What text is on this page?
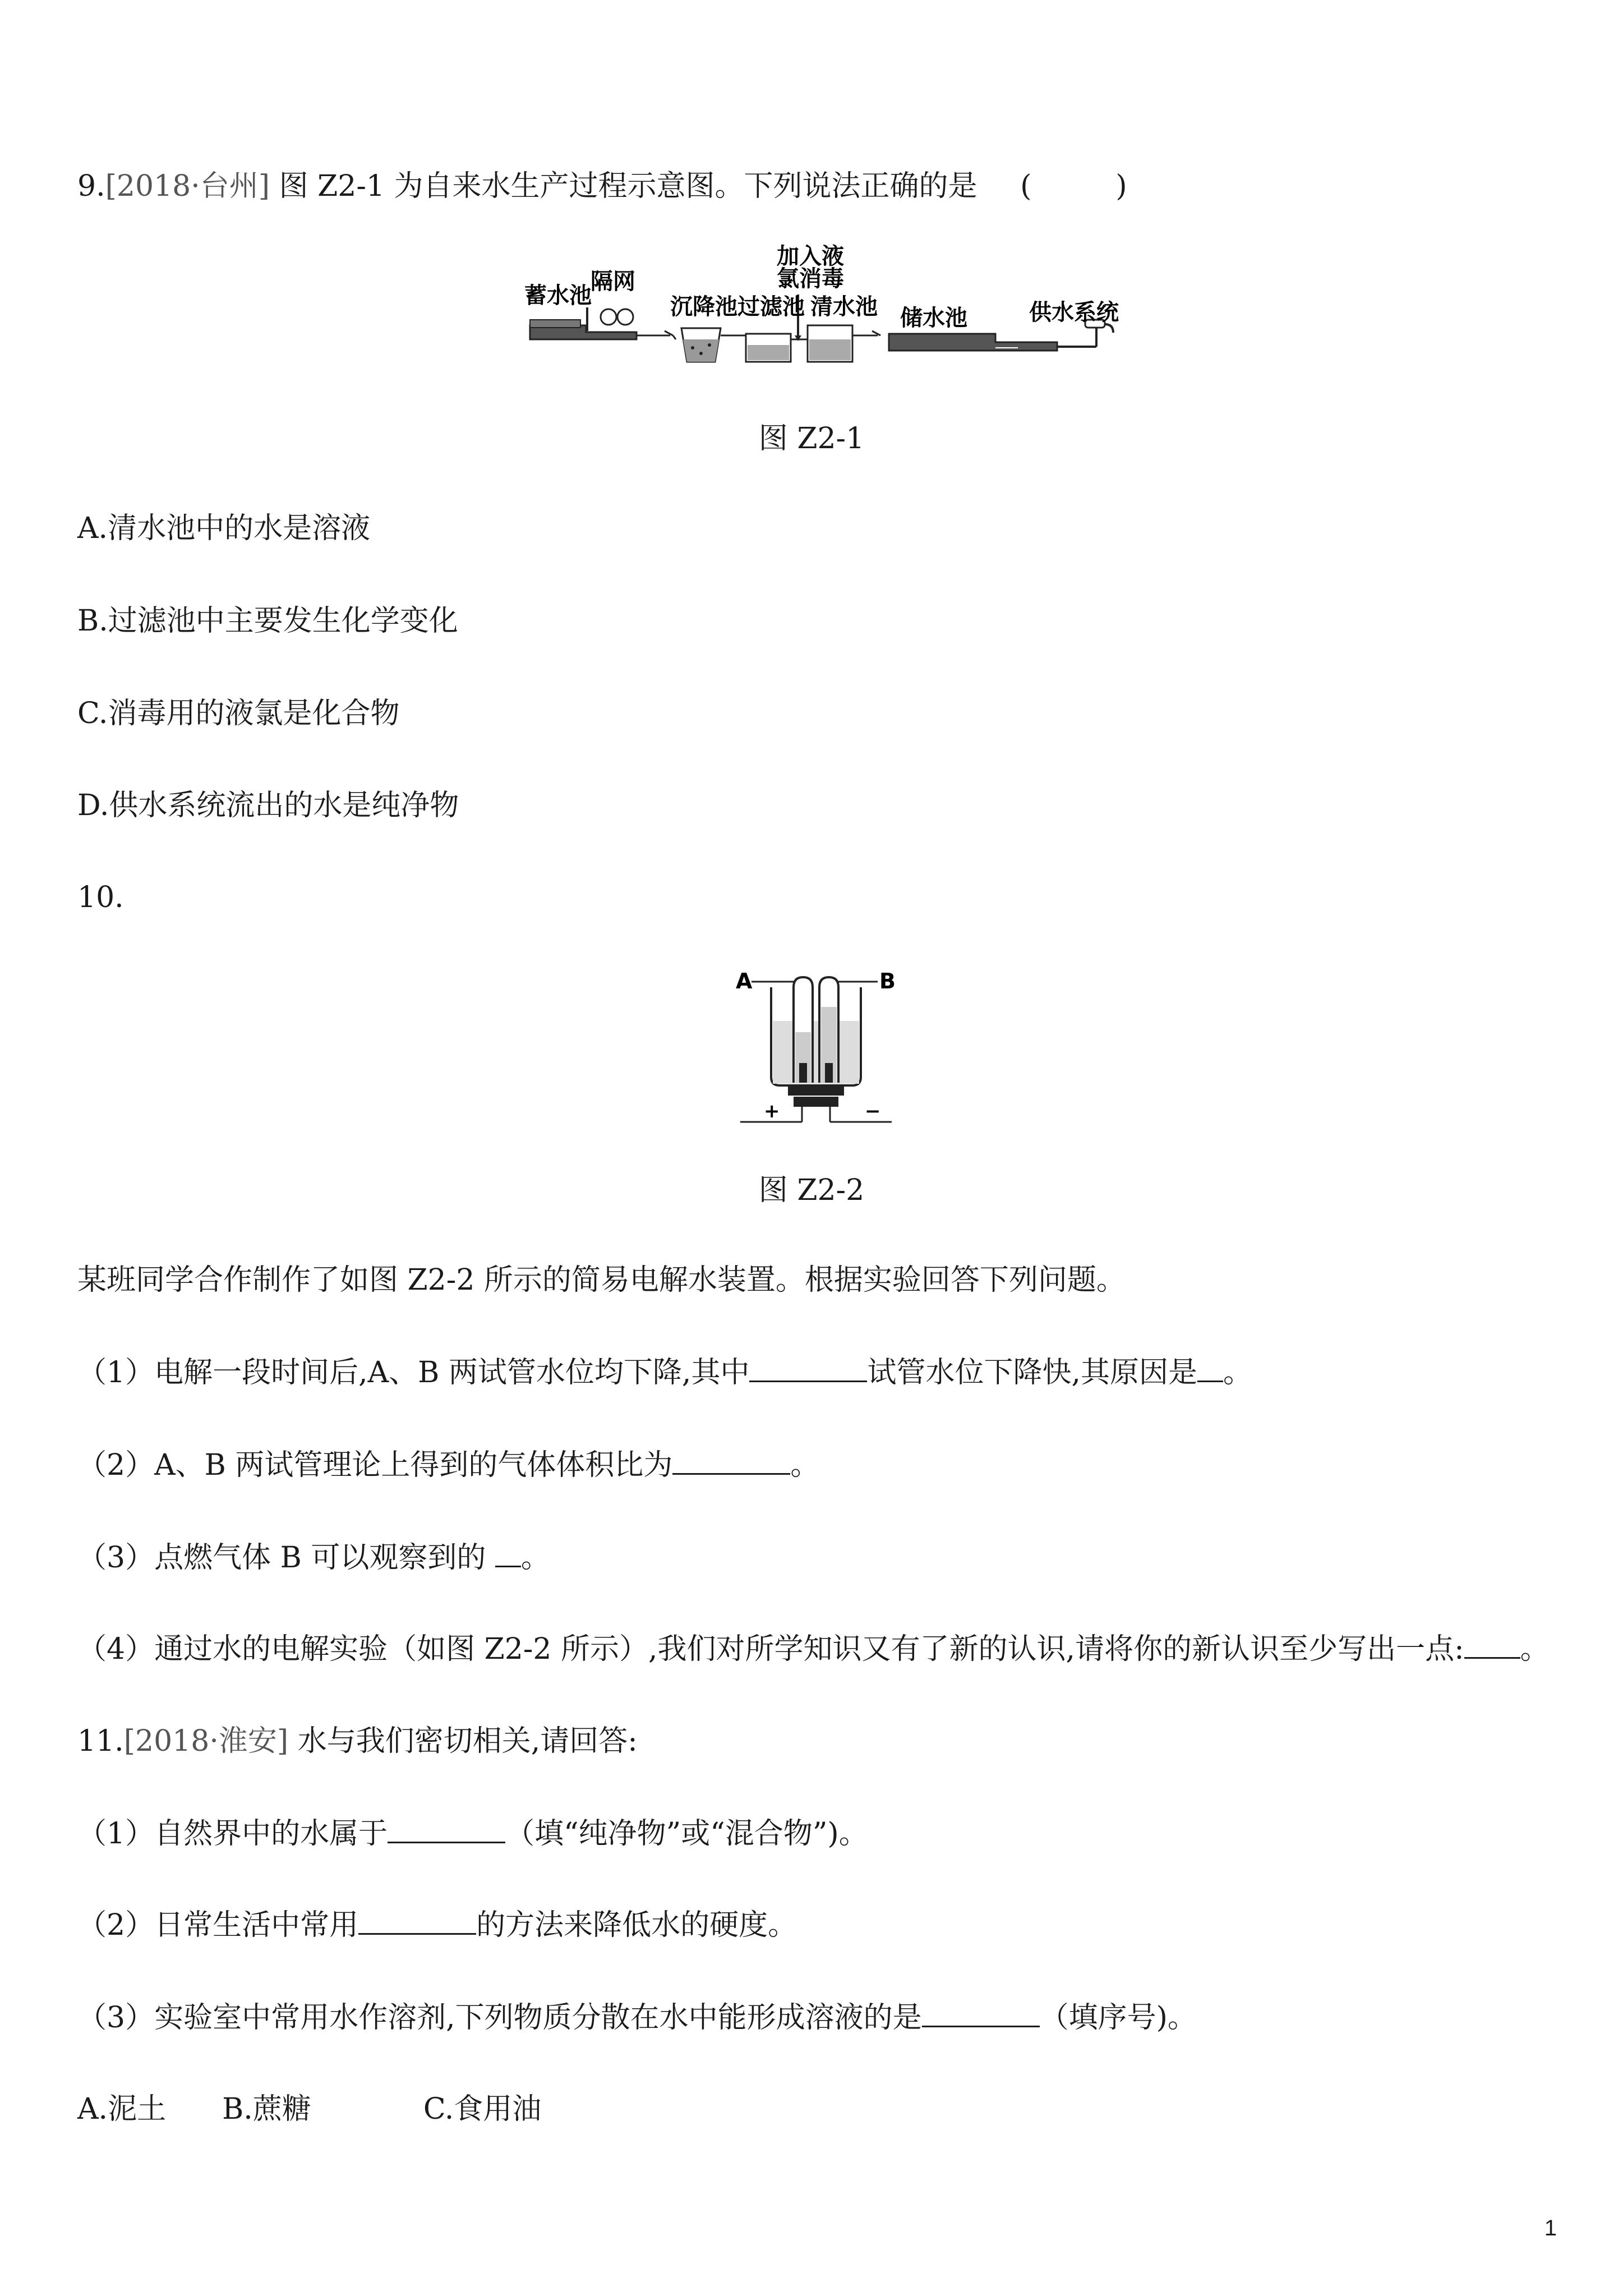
9.[2018·台州] 图 Z2-1 为自来水生产过程示意图。下列说法正确的是 (	)
蓄水池
隔网
沉降池 过滤池
加入液
氯消毒
清水池 储水池	供水系统
图 Z2-1
A.清水池中的水是溶液
B.过滤池中主要发生化学变化
C.消毒用的液氯是化合物
D.供水系统流出的水是纯净物
10.
A	B
+	−
图 Z2-2
某班同学合作制作了如图 Z2-2 所示的简易电解水装置。根据实验回答下列问题。
（1）电解一段时间后,A、B 两试管水位均下降,其中	试管水位下降快,其原因是 。
（2）A、B 两试管理论上得到的气体体积比为	。
（3）点燃气体 B 可以观察到的 。
（4）通过水的电解实验（如图 Z2-2 所示）,我们对所学知识又有了新的认识,请将你的新认识至少写出一点: 。
11.[2018·淮安] 水与我们密切相关,请回答:
（1）自然界中的水属于	（填“纯净物”或“混合物”)。
（2）日常生活中常用	的方法来降低水的硬度。
（3）实验室中常用水作溶剂,下列物质分散在水中能形成溶液的是	（填序号)。
A.泥土 B.蔗糖	C.食用油
1
